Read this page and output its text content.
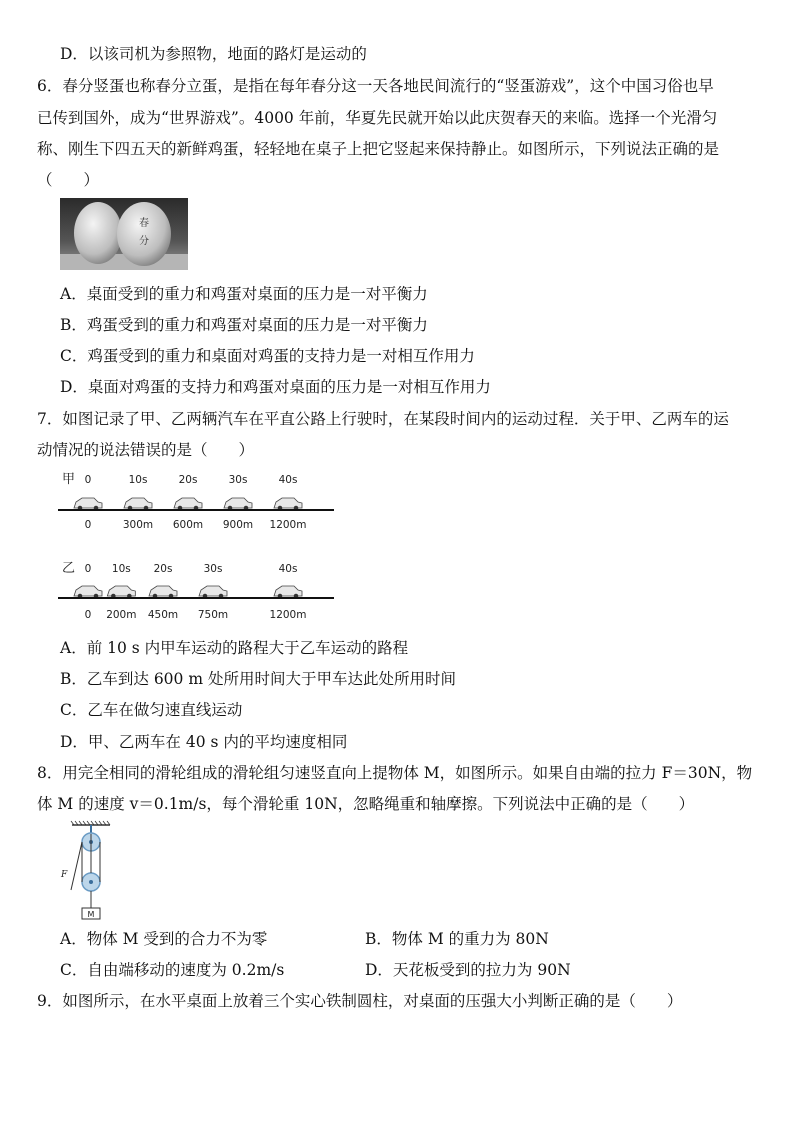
D．以该司机为参照物，地面的路灯是运动的
6．春分竖蛋也称春分立蛋，是指在每年春分这一天各地民间流行的“竖蛋游戏”，这个中国习俗也早
已传到国外，成为“世界游戏”。4000 年前，华夏先民就开始以此庆贺春天的来临。选择一个光滑匀
称、刚生下四五天的新鲜鸡蛋，轻轻地在桌子上把它竖起来保持静止。如图所示，下列说法正确的是
（　　）
春
分
A．桌面受到的重力和鸡蛋对桌面的压力是一对平衡力
B．鸡蛋受到的重力和鸡蛋对桌面的压力是一对平衡力
C．鸡蛋受到的重力和桌面对鸡蛋的支持力是一对相互作用力
D．桌面对鸡蛋的支持力和鸡蛋对桌面的压力是一对相互作用力
7．如图记录了甲、乙两辆汽车在平直公路上行驶时，在某段时间内的运动过程．关于甲、乙两车的运
动情况的说法错误的是（　　）
甲 0	10s	20s	30s	40s
0	300m 600m 900m 1200m
乙 0 10s 20s	30s	40s
0 200m 450m 750m	1200m
A．前 10 s 内甲车运动的路程大于乙车运动的路程
B．乙车到达 600 m 处所用时间大于甲车达此处所用时间
C．乙车在做匀速直线运动
D．甲、乙两车在 40 s 内的平均速度相同
8．用完全相同的滑轮组成的滑轮组匀速竖直向上提物体 M，如图所示。如果自由端的拉力 F＝30N，物
体 M 的速度 v＝0.1m/s，每个滑轮重 10N，忽略绳重和轴摩擦。下列说法中正确的是（　　）
F
M
A．物体 M 受到的合力不为零	B．物体 M 的重力为 80N
C．自由端移动的速度为 0.2m/s	D．天花板受到的拉力为 90N
9．如图所示，在水平桌面上放着三个实心铁制圆柱，对桌面的压强大小判断正确的是（　　）
